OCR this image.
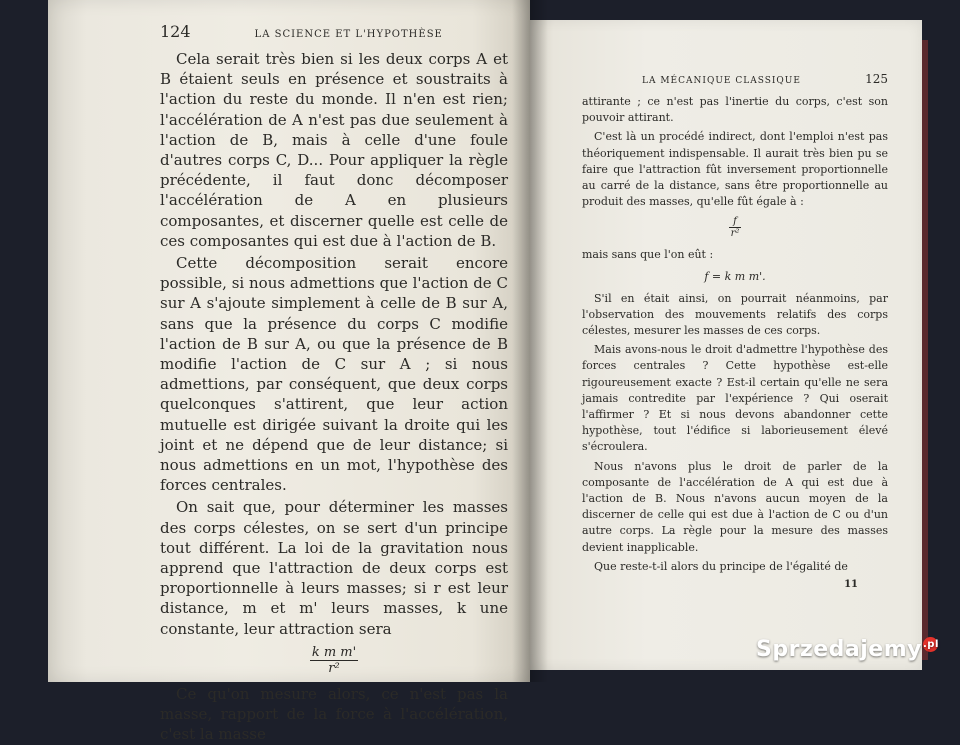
124	LA SCIENCE ET L'HYPOTHÈSE

Cela serait très bien si les deux corps A et B étaient seuls en présence et soustraits à l'action du reste du monde. Il n'en est rien; l'accélération de A n'est pas due seulement à l'action de B, mais à celle d'une foule d'autres corps C, D... Pour appliquer la règle précédente, il faut donc décomposer l'accélération de A en plusieurs composantes, et discerner quelle est celle de ces composantes qui est due à l'action de B.

Cette décomposition serait encore possible, si nous admettions que l'action de C sur A s'ajoute simplement à celle de B sur A, sans que la présence du corps C modifie l'action de B sur A, ou que la présence de B modifie l'action de C sur A ; si nous admettions, par conséquent, que deux corps quelconques s'attirent, que leur action mutuelle est dirigée suivant la droite qui les joint et ne dépend que de leur distance; si nous admettions en un mot, l'hypothèse des forces centrales.

On sait que, pour déterminer les masses des corps célestes, on se sert d'un principe tout différent. La loi de la gravitation nous apprend que l'attraction de deux corps est proportionnelle à leurs masses; si r est leur distance, m et m' leurs masses, k une constante, leur attraction sera

$\frac{\text{k m m'}}{\text{r²}}$

Ce qu'on mesure alors, ce n'est pas la masse, rapport de la force à l'accélération, c'est la masse

LA MÉCANIQUE CLASSIQUE	125

attirante ; ce n'est pas l'inertie du corps, c'est son pouvoir attirant.

C'est là un procédé indirect, dont l'emploi n'est pas théoriquement indispensable. Il aurait très bien pu se faire que l'attraction fût inversement proportionnelle au carré de la distance, sans être proportionnelle au produit des masses, qu'elle fût égale à :

$\frac{f}{\text{r²}}$

mais sans que l'on eût :

f = k m m'.

S'il en était ainsi, on pourrait néanmoins, par l'observation des mouvements relatifs des corps célestes, mesurer les masses de ces corps.

Mais avons-nous le droit d'admettre l'hypothèse des forces centrales ? Cette hypothèse est-elle rigoureusement exacte ? Est-il certain qu'elle ne sera jamais contredite par l'expérience ? Qui oserait l'affirmer ? Et si nous devons abandonner cette hypothèse, tout l'édifice si laborieusement élevé s'écroulera.

Nous n'avons plus le droit de parler de la composante de l'accélération de A qui est due à l'action de B. Nous n'avons aucun moyen de la discerner de celle qui est due à l'action de C ou d'un autre corps. La règle pour la mesure des masses devient inapplicable.

Que reste-t-il alors du principe de l'égalité de

11
Sprzedajemy.pl
